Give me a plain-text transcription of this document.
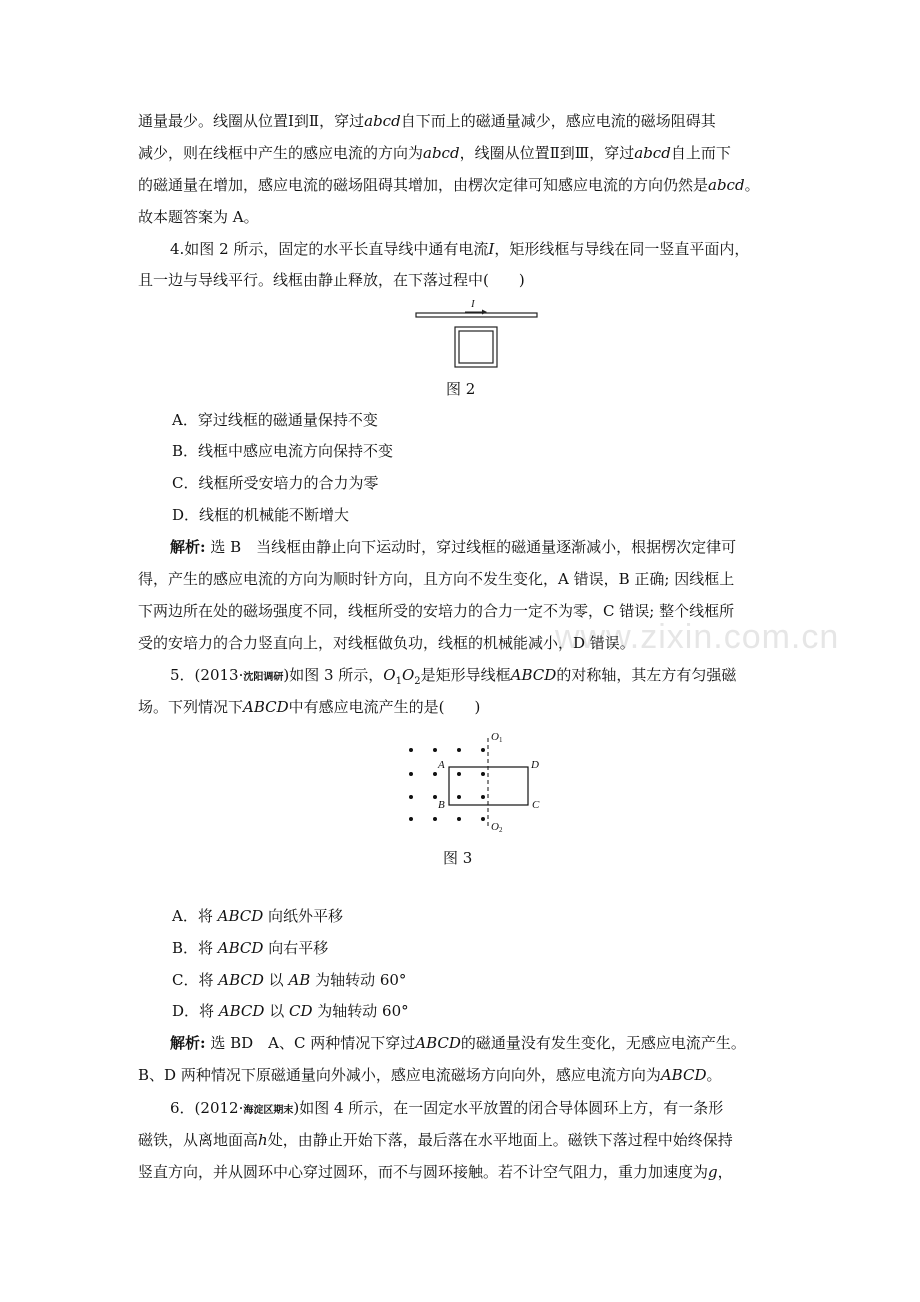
www.zixin.com.cn
通量最少。线圈从位置Ⅰ到Ⅱ，穿过abcd自下而上的磁通量减少，感应电流的磁场阻碍其
减少，则在线框中产生的感应电流的方向为abcd，线圈从位置Ⅱ到Ⅲ，穿过abcd自上而下
的磁通量在增加，感应电流的磁场阻碍其增加，由楞次定律可知感应电流的方向仍然是abcd。
故本题答案为 A。
4.如图 2 所示，固定的水平长直导线中通有电流I，矩形线框与导线在同一竖直平面内，
且一边与导线平行。线框由静止释放，在下落过程中(　　)
I
图 2
A．穿过线框的磁通量保持不变
B．线框中感应电流方向保持不变
C．线框所受安培力的合力为零
D．线框的机械能不断增大
解析: 选 B　当线框由静止向下运动时，穿过线框的磁通量逐渐减小，根据楞次定律可
得，产生的感应电流的方向为顺时针方向，且方向不发生变化，A 错误，B 正确; 因线框上
下两边所在处的磁场强度不同，线框所受的安培力的合力一定不为零，C 错误; 整个线框所
受的安培力的合力竖直向上，对线框做负功，线框的机械能减小，D 错误。
5．(2013·沈阳调研)如图 3 所示，$O_1O_2$是矩形导线框ABCD的对称轴，其左方有匀强磁
场。下列情况下ABCD中有感应电流产生的是(　　)
O1
O2
A
B	C
D
图 3
A．将 ABCD 向纸外平移
B．将 ABCD 向右平移
C．将 ABCD 以 AB 为轴转动 60°
D．将 ABCD 以 CD 为轴转动 60°
解析: 选 BD　A、C 两种情况下穿过ABCD的磁通量没有发生变化，无感应电流产生。
B、D 两种情况下原磁通量向外减小，感应电流磁场方向向外，感应电流方向为ABCD。
6．(2012·海淀区期末)如图 4 所示，在一固定水平放置的闭合导体圆环上方，有一条形
磁铁，从离地面高h处，由静止开始下落，最后落在水平地面上。磁铁下落过程中始终保持
竖直方向，并从圆环中心穿过圆环，而不与圆环接触。若不计空气阻力，重力加速度为g，
